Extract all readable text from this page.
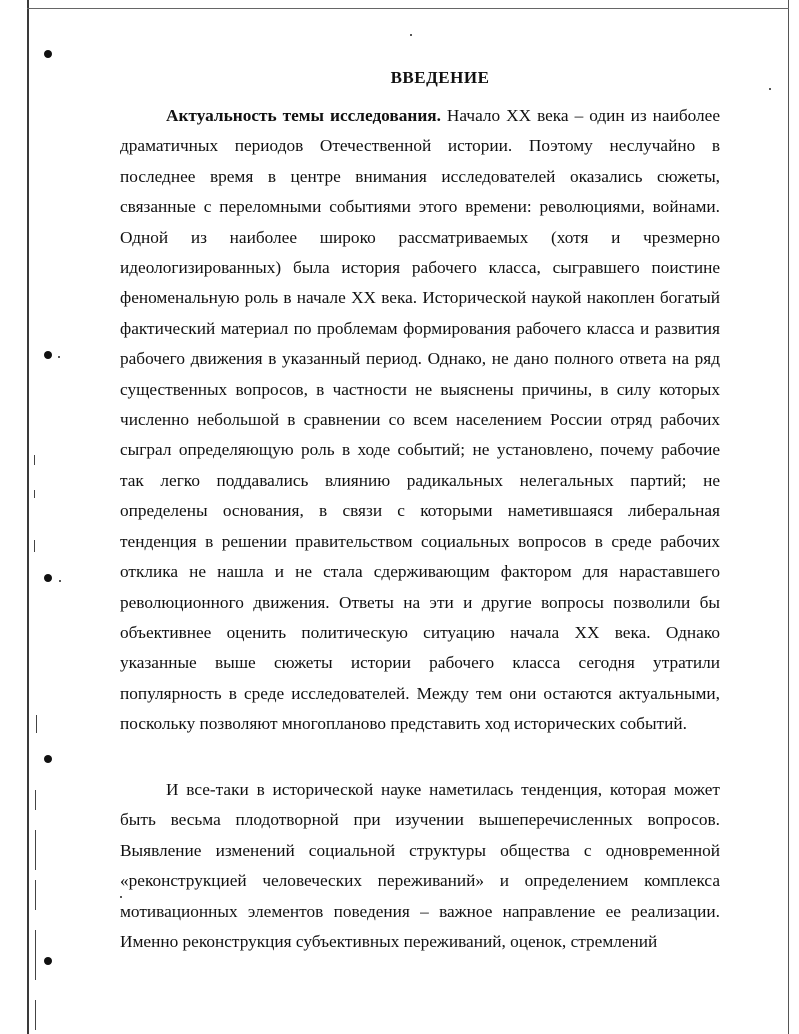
ВВЕДЕНИЕ

Актуальность темы исследования. Начало XX века – один из наиболее драматичных периодов Отечественной истории. Поэтому неслучайно в последнее время в центре внимания исследователей оказались сюжеты, связанные с переломными событиями этого времени: революциями, войнами. Одной из наиболее широко рассматриваемых (хотя и чрезмерно идеологизированных) была история рабочего класса, сыгравшего поистине феноменальную роль в начале XX века. Исторической наукой накоплен богатый фактический материал по проблемам формирования рабочего класса и развития рабочего движения в указанный период. Однако, не дано полного ответа на ряд существенных вопросов, в частности не выяснены причины, в силу которых численно небольшой в сравнении со всем населением России отряд рабочих сыграл определяющую роль в ходе событий; не установлено, почему рабочие так легко поддавались влиянию радикальных нелегальных партий; не определены основания, в связи с которыми наметившаяся либеральная тенденция в решении правительством социальных вопросов в среде рабочих отклика не нашла и не стала сдерживающим фактором для нараставшего революционного движения. Ответы на эти и другие вопросы позволили бы объективнее оценить политическую ситуацию начала XX века. Однако указанные выше сюжеты истории рабочего класса сегодня утратили популярность в среде исследователей. Между тем они остаются актуальными, поскольку позволяют многопланово представить ход исторических событий.

И все-таки в исторической науке наметилась тенденция, которая может быть весьма плодотворной при изучении вышеперечисленных вопросов. Выявление изменений социальной структуры общества с одновременной «реконструкцией человеческих переживаний» и определением комплекса мотивационных элементов поведения – важное направление ее реализации. Именно реконструкция субъективных переживаний, оценок, стремлений
